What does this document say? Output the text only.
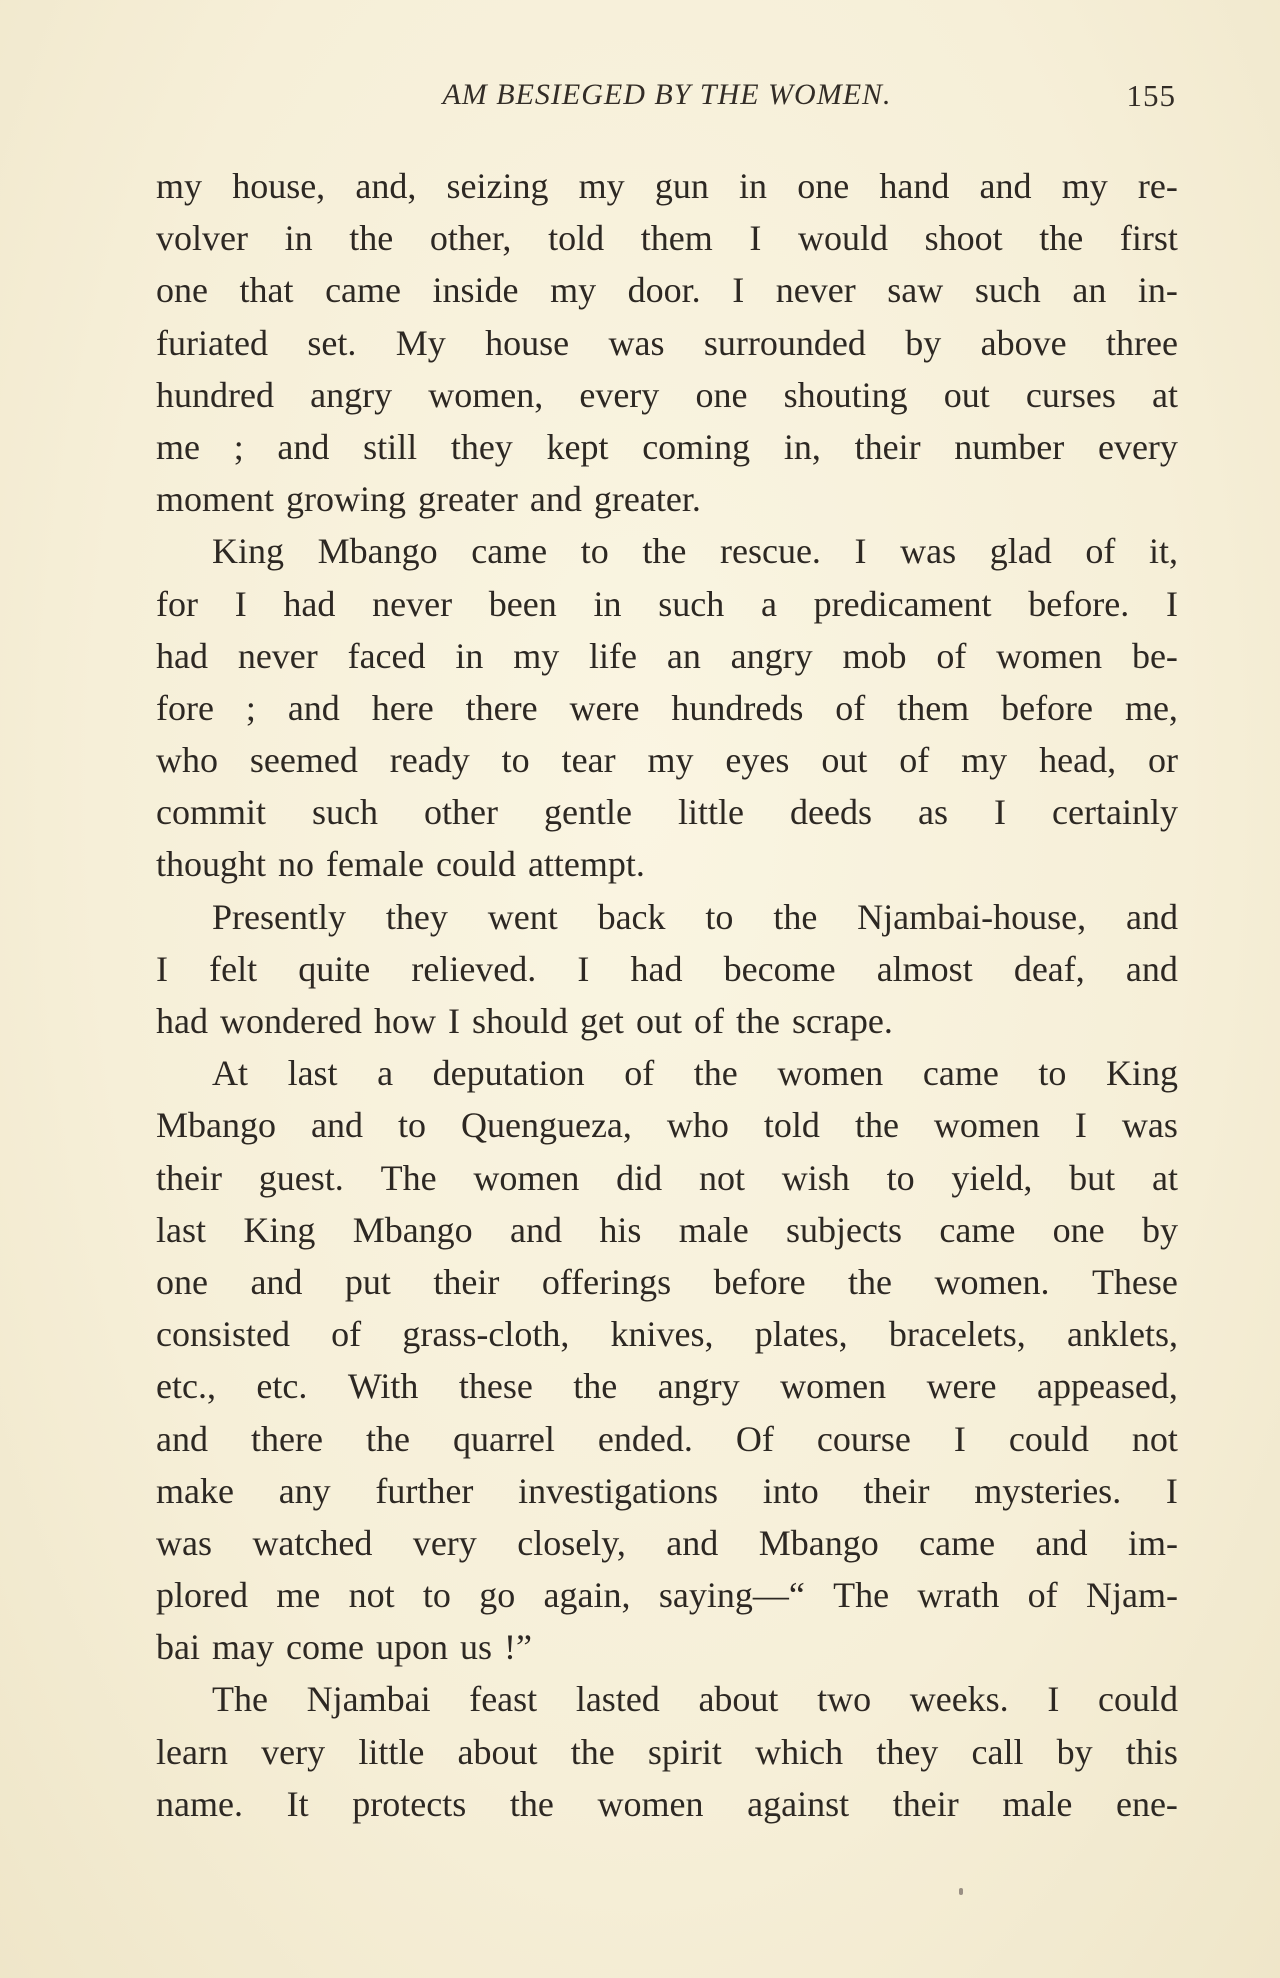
AM BESIEGED BY THE WOMEN.	155
my house, and, seizing my gun in one hand and my re-
volver in the other, told them I would shoot the first
one that came inside my door. I never saw such an in-
furiated set. My house was surrounded by above three
hundred angry women, every one shouting out curses at
me ; and still they kept coming in, their number every
moment growing greater and greater.
King Mbango came to the rescue. I was glad of it,
for I had never been in such a predicament before. I
had never faced in my life an angry mob of women be-
fore ; and here there were hundreds of them before me,
who seemed ready to tear my eyes out of my head, or
commit such other gentle little deeds as I certainly
thought no female could attempt.
Presently they went back to the Njambai-house, and
I felt quite relieved. I had become almost deaf, and
had wondered how I should get out of the scrape.
At last a deputation of the women came to King
Mbango and to Quengueza, who told the women I was
their guest. The women did not wish to yield, but at
last King Mbango and his male subjects came one by
one and put their offerings before the women. These
consisted of grass-cloth, knives, plates, bracelets, anklets,
etc., etc. With these the angry women were appeased,
and there the quarrel ended. Of course I could not
make any further investigations into their mysteries. I
was watched very closely, and Mbango came and im-
plored me not to go again, saying—“ The wrath of Njam-
bai may come upon us !”
The Njambai feast lasted about two weeks. I could
learn very little about the spirit which they call by this
name. It protects the women against their male ene-
